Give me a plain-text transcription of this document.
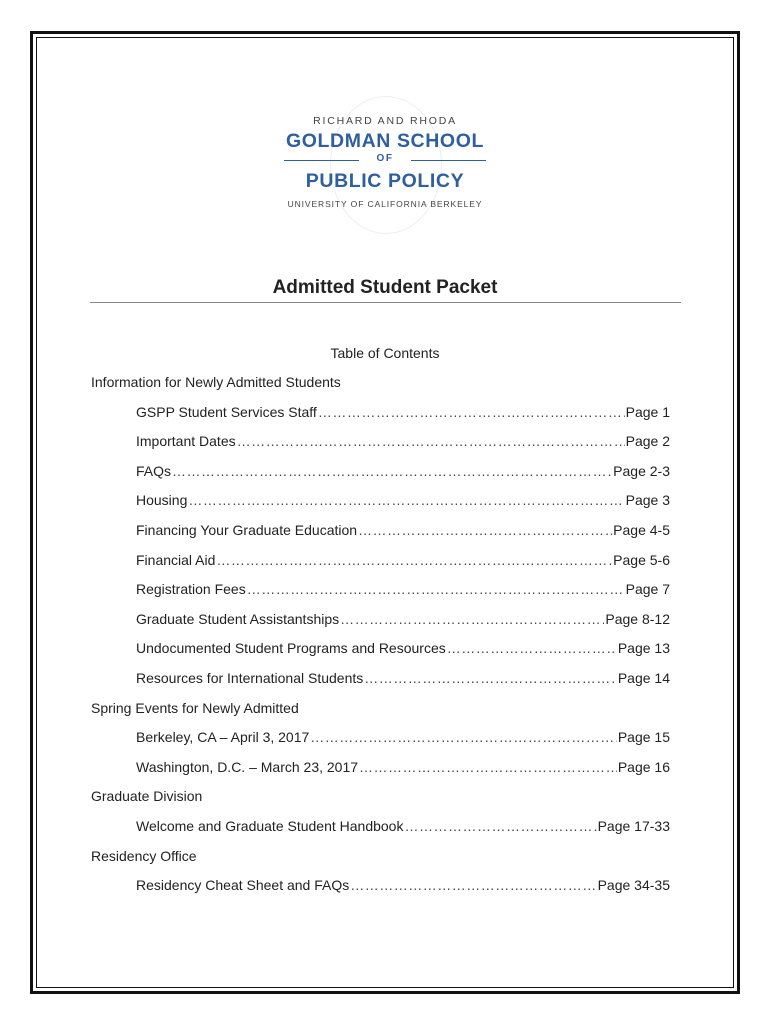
RICHARD AND RHODA
GOLDMAN SCHOOL
OF
PUBLIC POLICY
UNIVERSITY OF CALIFORNIA BERKELEY
Admitted Student Packet
Table of Contents
Information for Newly Admitted Students
GSPP Student Services Staff ……………………………………………………………………………………………………………………………………………………………………………………	Page 1
Important Dates ……………………………………………………………………………………………………………………………………………………………………………………	Page 2
FAQs ……………………………………………………………………………………………………………………………………………………………………………………	Page 2-3
Housing ……………………………………………………………………………………………………………………………………………………………………………………	Page 3
Financing Your Graduate Education ……………………………………………………………………………………………………………………………………………………………………………………	Page 4-5
Financial Aid ……………………………………………………………………………………………………………………………………………………………………………………	Page 5-6
Registration Fees ……………………………………………………………………………………………………………………………………………………………………………………	Page 7
Graduate Student Assistantships ……………………………………………………………………………………………………………………………………………………………………………………	Page 8-12
Undocumented Student Programs and Resources ……………………………………………………………………………………………………………………………………………………………………………………	Page 13
Resources for International Students ……………………………………………………………………………………………………………………………………………………………………………………	Page 14
Spring Events for Newly Admitted
Berkeley, CA – April 3, 2017 ……………………………………………………………………………………………………………………………………………………………………………………	Page 15
Washington, D.C. – March 23, 2017 ……………………………………………………………………………………………………………………………………………………………………………………	Page 16
Graduate Division
Welcome and Graduate Student Handbook ……………………………………………………………………………………………………………………………………………………………………………………	Page 17-33
Residency Office
Residency Cheat Sheet and FAQs ……………………………………………………………………………………………………………………………………………………………………………………	Page 34-35
